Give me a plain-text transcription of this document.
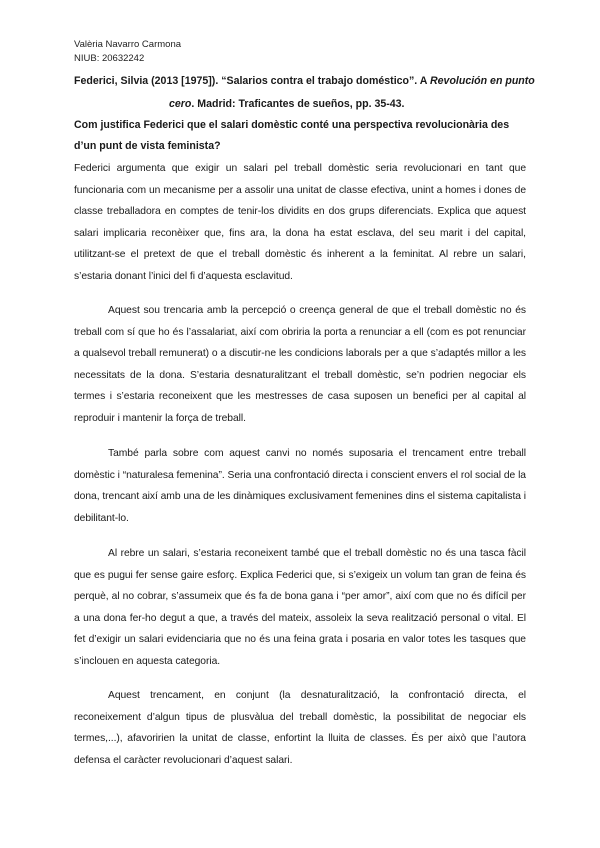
Valèria Navarro Carmona
NIUB: 20632242
Federici, Silvia (2013 [1975]). “Salarios contra el trabajo doméstico”. A Revolución en punto
cero. Madrid: Traficantes de sueños, pp. 35-43.
Com justifica Federici que el salari domèstic conté una perspectiva revolucionària des d’un punt de vista feminista?
Federici argumenta que exigir un salari pel treball domèstic seria revolucionari en tant que funcionaria com un mecanisme per a assolir una unitat de classe efectiva, unint a homes i dones de classe treballadora en comptes de tenir-los dividits en dos grups diferenciats. Explica que aquest salari implicaria reconèixer que, fins ara, la dona ha estat esclava, del seu marit i del capital, utilitzant-se el pretext de que el treball domèstic és inherent a la feminitat. Al rebre un salari, s’estaria donant l’inici del fi d’aquesta esclavitud.
Aquest sou trencaria amb la percepció o creença general de que el treball domèstic no és treball com sí que ho és l’assalariat, així com obriria la porta a renunciar a ell (com es pot renunciar a qualsevol treball remunerat) o a discutir-ne les condicions laborals per a que s’adaptés millor a les necessitats de la dona. S’estaria desnaturalitzant el treball domèstic, se’n podrien negociar els termes i s’estaria reconeixent que les mestresses de casa suposen un benefici per al capital al reproduir i mantenir la força de treball.
També parla sobre com aquest canvi no només suposaria el trencament entre treball domèstic i “naturalesa femenina”. Seria una confrontació directa i conscient envers el rol social de la dona, trencant així amb una de les dinàmiques exclusivament femenines dins el sistema capitalista i debilitant-lo.
Al rebre un salari, s’estaria reconeixent també que el treball domèstic no és una tasca fàcil que es pugui fer sense gaire esforç. Explica Federici que, si s’exigeix un volum tan gran de feina és perquè, al no cobrar, s’assumeix que és fa de bona gana i “per amor”, així com que no és difícil per a una dona fer-ho degut a que, a través del mateix, assoleix la seva realització personal o vital. El fet d’exigir un salari evidenciaria que no és una feina grata i posaria en valor totes les tasques que s’inclouen en aquesta categoria.
Aquest trencament, en conjunt (la desnaturalització, la confrontació directa, el reconeixement d’algun tipus de plusvàlua del treball domèstic, la possibilitat de negociar els termes,...), afavoririen la unitat de classe, enfortint la lluita de classes. És per això que l’autora defensa el caràcter revolucionari d’aquest salari.
